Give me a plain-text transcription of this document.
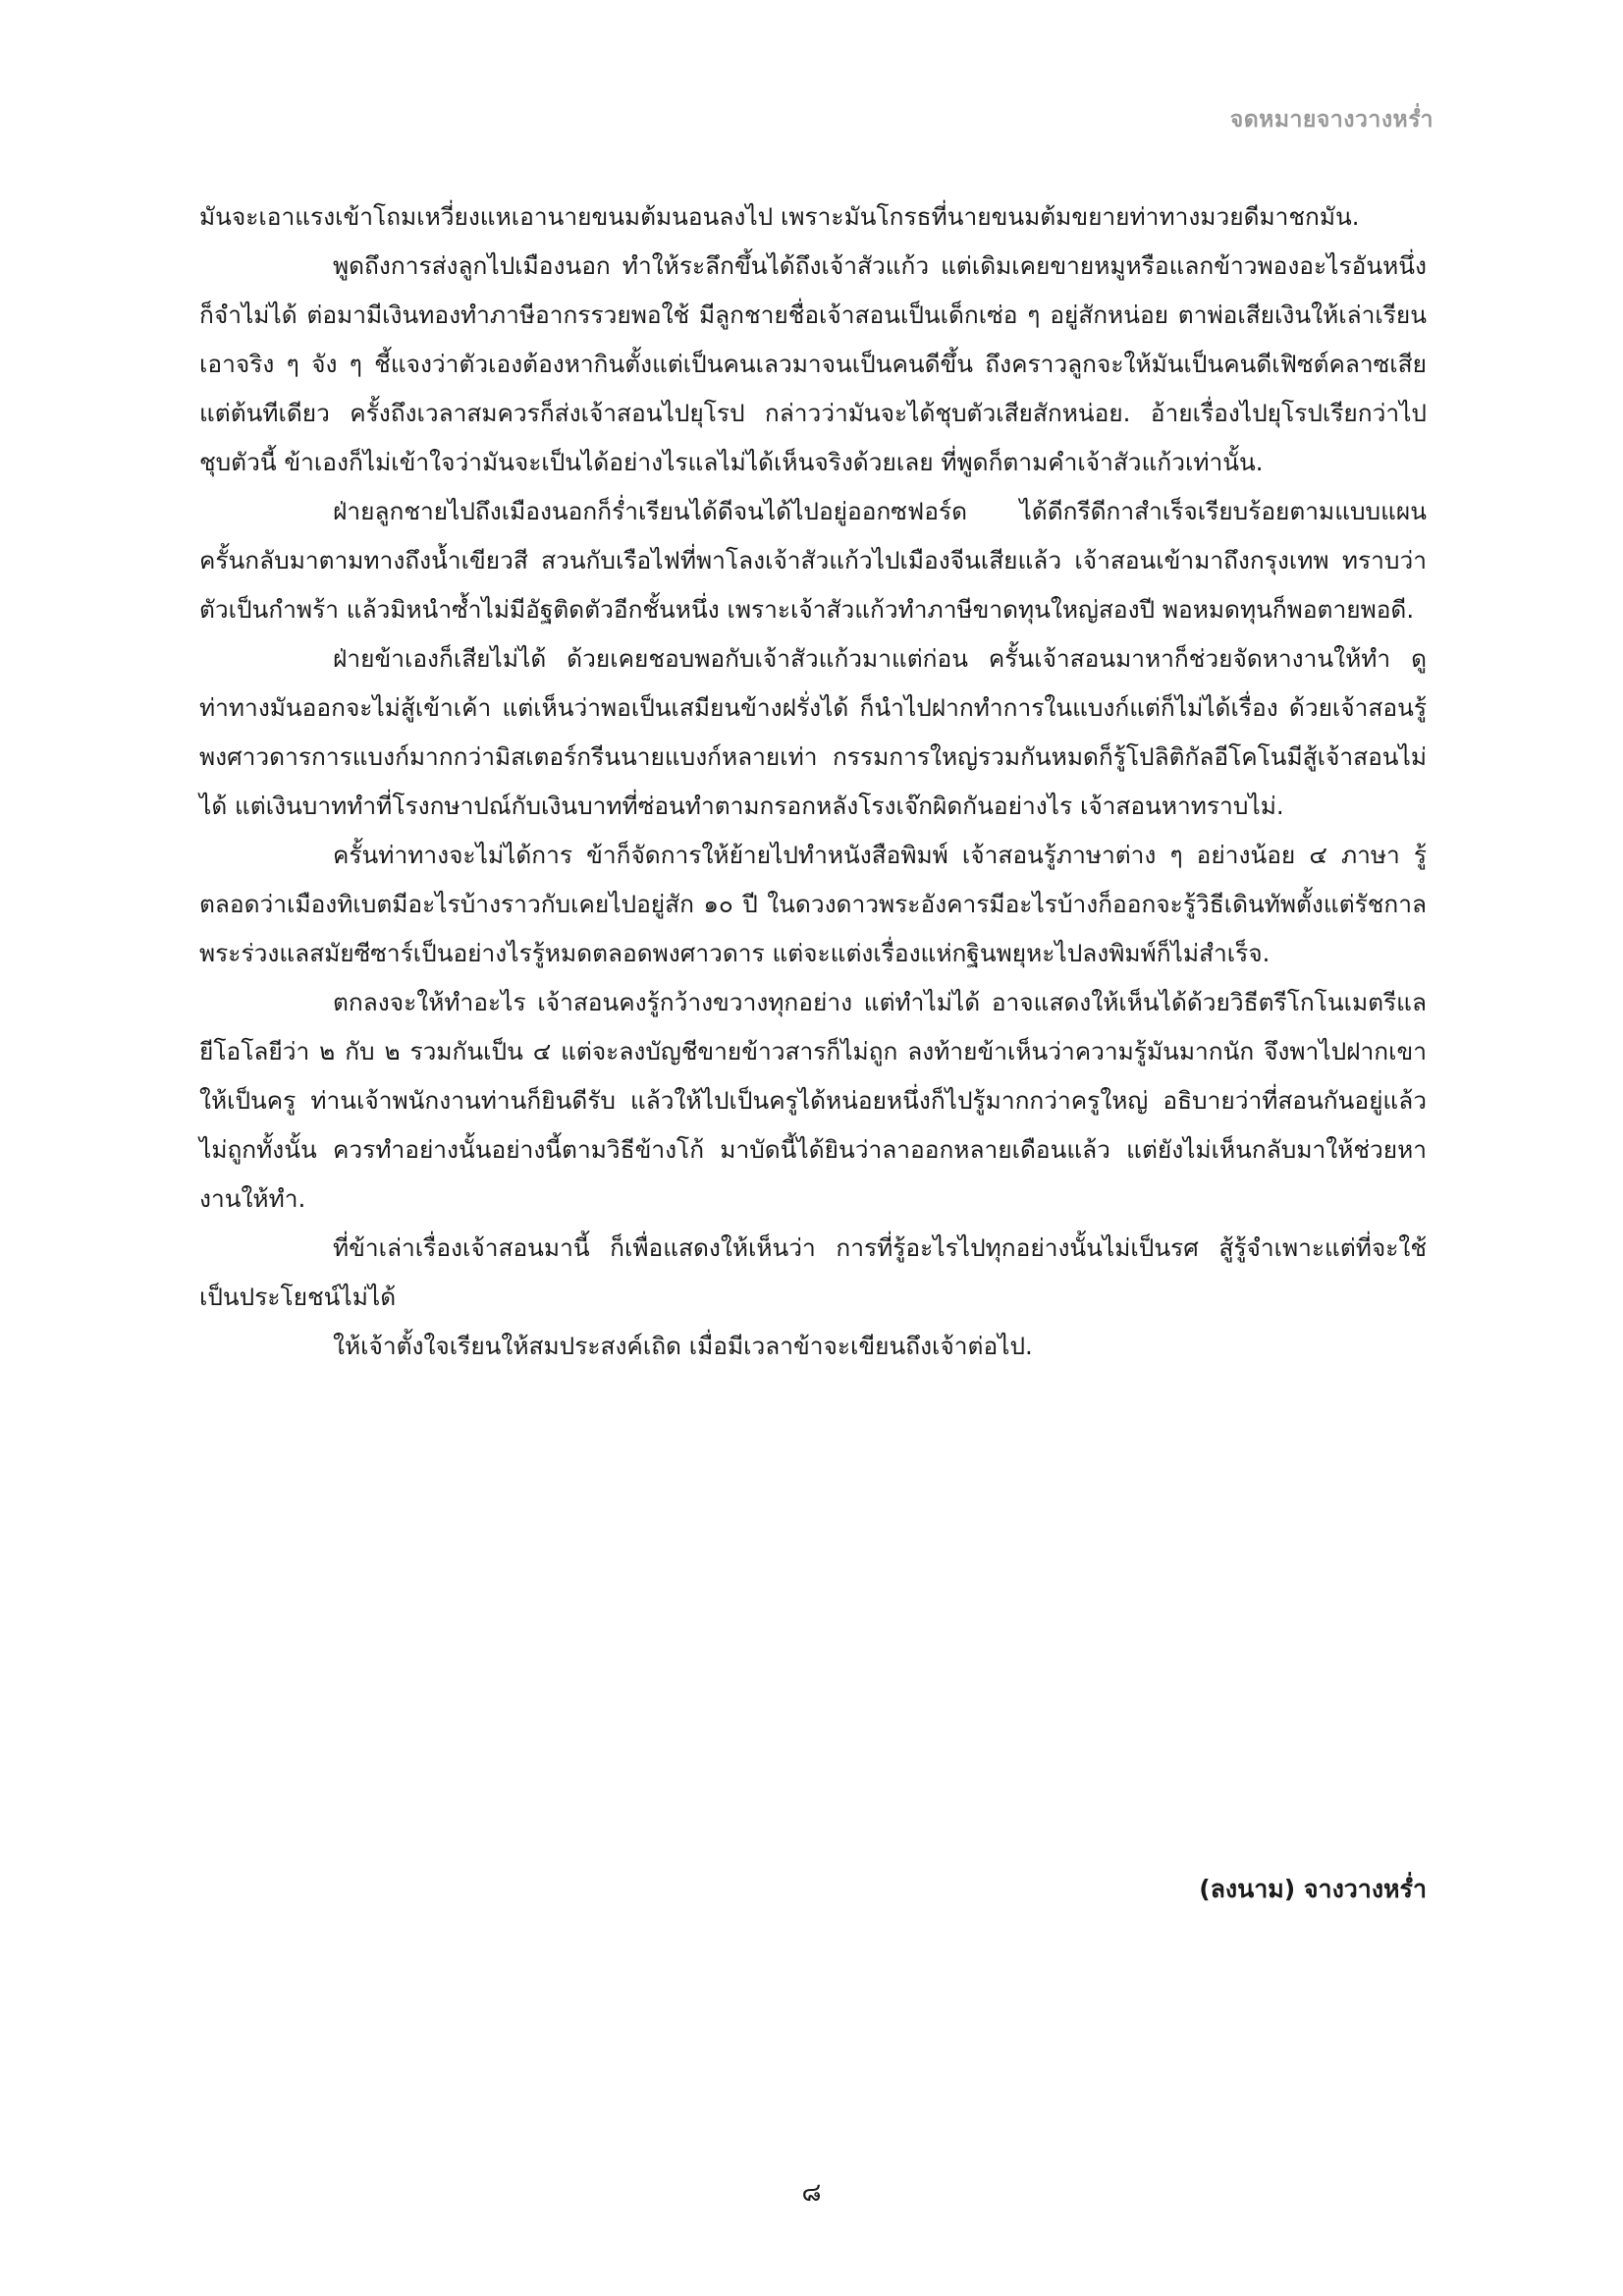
จดหมายจางวางหร่ำ

มันจะเอาแรงเข้าโถมเหวี่ยงแหเอานายขนมต้มนอนลงไป เพราะมันโกรธที่นายขนมต้มขยายท่าทางมวยดีมาชกมัน.

พูดถึงการส่งลูกไปเมืองนอก ทำให้ระลึกขึ้นได้ถึงเจ้าสัวแก้ว แต่เดิมเคยขายหมูหรือแลกข้าวพองอะไรอันหนึ่งก็จำไม่ได้ ต่อมามีเงินทองทำภาษีอากรรวยพอใช้ มีลูกชายชื่อเจ้าสอนเป็นเด็กเซ่อ ๆ อยู่สักหน่อย ตาพ่อเสียเงินให้เล่าเรียนเอาจริง ๆ จัง ๆ ชี้แจงว่าตัวเองต้องหากินตั้งแต่เป็นคนเลวมาจนเป็นคนดีขึ้น ถึงคราวลูกจะให้มันเป็นคนดีเฟิซต์คลาซเสียแต่ต้นทีเดียว ครั้งถึงเวลาสมควรก็ส่งเจ้าสอนไปยุโรป กล่าวว่ามันจะได้ชุบตัวเสียสักหน่อย. อ้ายเรื่องไปยุโรปเรียกว่าไปชุบตัวนี้ ข้าเองก็ไม่เข้าใจว่ามันจะเป็นได้อย่างไรแลไม่ได้เห็นจริงด้วยเลย ที่พูดก็ตามคำเจ้าสัวแก้วเท่านั้น.

ฝ่ายลูกชายไปถึงเมืองนอกก็ร่ำเรียนได้ดีจนได้ไปอยู่ออกซฟอร์ด ได้ดีกรีดีกาสำเร็จเรียบร้อยตามแบบแผน ครั้นกลับมาตามทางถึงน้ำเขียวสี สวนกับเรือไฟที่พาโลงเจ้าสัวแก้วไปเมืองจีนเสียแล้ว เจ้าสอนเข้ามาถึงกรุงเทพ ทราบว่าตัวเป็นกำพร้า แล้วมิหนำซ้ำไม่มีอัฐติดตัวอีกชั้นหนึ่ง เพราะเจ้าสัวแก้วทำภาษีขาดทุนใหญ่สองปี พอหมดทุนก็พอตายพอดี.

ฝ่ายข้าเองก็เสียไม่ได้ ด้วยเคยชอบพอกับเจ้าสัวแก้วมาแต่ก่อน ครั้นเจ้าสอนมาหาก็ช่วยจัดหางานให้ทำ ดูท่าทางมันออกจะไม่สู้เข้าเค้า แต่เห็นว่าพอเป็นเสมียนข้างฝรั่งได้ ก็นำไปฝากทำการในแบงก์แต่ก็ไม่ได้เรื่อง ด้วยเจ้าสอนรู้พงศาวดารการแบงก์มากกว่ามิสเตอร์กรีนนายแบงก์หลายเท่า กรรมการใหญ่รวมกันหมดก็รู้โปลิติกัลอีโคโนมีสู้เจ้าสอนไม่ได้ แต่เงินบาททำที่โรงกษาปณ์กับเงินบาทที่ซ่อนทำตามกรอกหลังโรงเจ๊กผิดกันอย่างไร เจ้าสอนหาทราบไม่.

ครั้นท่าทางจะไม่ได้การ ข้าก็จัดการให้ย้ายไปทำหนังสือพิมพ์ เจ้าสอนรู้ภาษาต่าง ๆ อย่างน้อย ๔ ภาษา รู้ตลอดว่าเมืองทิเบตมีอะไรบ้างราวกับเคยไปอยู่สัก ๑๐ ปี ในดวงดาวพระอังคารมีอะไรบ้างก็ออกจะรู้วิธีเดินทัพตั้งแต่รัชกาลพระร่วงแลสมัยซีซาร์เป็นอย่างไรรู้หมดตลอดพงศาวดาร แต่จะแต่งเรื่องแห่กฐินพยุหะไปลงพิมพ์ก็ไม่สำเร็จ.

ตกลงจะให้ทำอะไร เจ้าสอนคงรู้กว้างขวางทุกอย่าง แต่ทำไม่ได้ อาจแสดงให้เห็นได้ด้วยวิธีตรีโกโนเมตรีแลยีโอโลยีว่า ๒ กับ ๒ รวมกันเป็น ๔ แต่จะลงบัญชีขายข้าวสารก็ไม่ถูก ลงท้ายข้าเห็นว่าความรู้มันมากนัก จึงพาไปฝากเขาให้เป็นครู ท่านเจ้าพนักงานท่านก็ยินดีรับ แล้วให้ไปเป็นครูได้หน่อยหนึ่งก็ไปรู้มากกว่าครูใหญ่ อธิบายว่าที่สอนกันอยู่แล้วไม่ถูกทั้งนั้น ควรทำอย่างนั้นอย่างนี้ตามวิธีข้างโก้ มาบัดนี้ได้ยินว่าลาออกหลายเดือนแล้ว แต่ยังไม่เห็นกลับมาให้ช่วยหางานให้ทำ.

ที่ข้าเล่าเรื่องเจ้าสอนมานี้ ก็เพื่อแสดงให้เห็นว่า การที่รู้อะไรไปทุกอย่างนั้นไม่เป็นรศ สู้รู้จำเพาะแต่ที่จะใช้เป็นประโยชน์ไม่ได้

ให้เจ้าตั้งใจเรียนให้สมประสงค์เถิด เมื่อมีเวลาข้าจะเขียนถึงเจ้าต่อไป.

(ลงนาม) จางวางหร่ำ
๘
